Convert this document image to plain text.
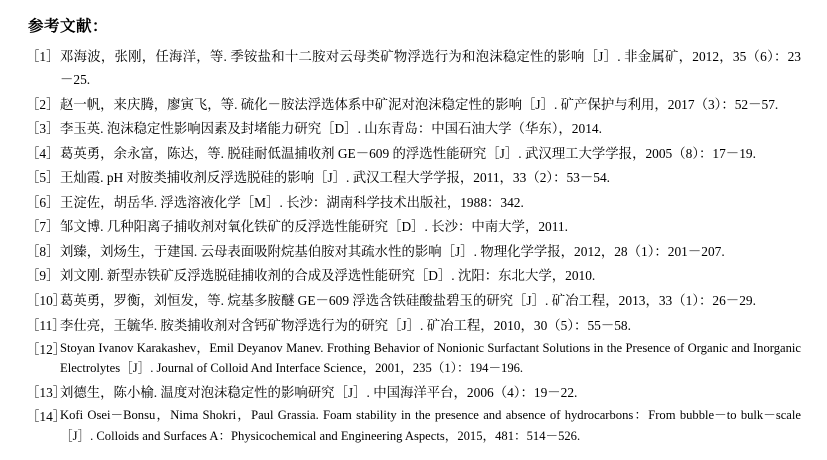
参考文献：
［1］ 邓海波，张刚，任海洋，等. 季铵盐和十二胺对云母类矿物浮选行为和泡沫稳定性的影响［J］. 非金属矿，2012，35（6）：23－25.
［2］ 赵一帆，来庆腾，廖寅飞，等. 硫化－胺法浮选体系中矿泥对泡沫稳定性的影响［J］. 矿产保护与利用，2017（3）：52－57.
［3］ 李玉英. 泡沫稳定性影响因素及封堵能力研究［D］. 山东青岛：中国石油大学（华东），2014.
［4］ 葛英勇，余永富，陈达，等. 脱硅耐低温捕收剂 GE－609 的浮选性能研究［J］. 武汉理工大学学报，2005（8）：17－19.
［5］ 王灿霞. pH 对胺类捕收剂反浮选脱硅的影响［J］. 武汉工程大学学报，2011，33（2）：53－54.
［6］ 王淀佐，胡岳华. 浮选溶液化学［M］. 长沙：湖南科学技术出版社，1988：342.
［7］ 邹文博. 几种阳离子捕收剂对氧化铁矿的反浮选性能研究［D］. 长沙：中南大学，2011.
［8］ 刘臻，刘炀生，于建国. 云母表面吸附烷基伯胺对其疏水性的影响［J］. 物理化学学报，2012，28（1）：201－207.
［9］ 刘文刚. 新型赤铁矿反浮选脱硅捕收剂的合成及浮选性能研究［D］. 沈阳：东北大学，2010.
［10］
葛英勇，罗衡，刘恒发，等. 烷基多胺醚 GE－609 浮选含铁硅酸盐碧玉的研究［J］. 矿冶工程，2013，33（1）：26－29.
［11］
李仕亮，王毓华. 胺类捕收剂对含钙矿物浮选行为的研究［J］. 矿冶工程，2010，30（5）：55－58.
［12］
Stoyan Ivanov Karakashev，Emil Deyanov Manev. Frothing Behavior of Nonionic Surfactant Solutions in the Presence of Organic and Inorganic Electrolytes［J］. Journal of Colloid And Interface Science，2001，235（1）：194－196.
［13］
刘德生，陈小榆. 温度对泡沫稳定性的影响研究［J］. 中国海洋平台，2006（4）：19－22.
［14］
Kofi Osei－Bonsu，Nima Shokri，Paul Grassia. Foam stability in the presence and absence of hydrocarbons：From bubble－to bulk－scale［J］. Colloids and Surfaces A：Physicochemical and Engineering Aspects，2015，481：514－526.
